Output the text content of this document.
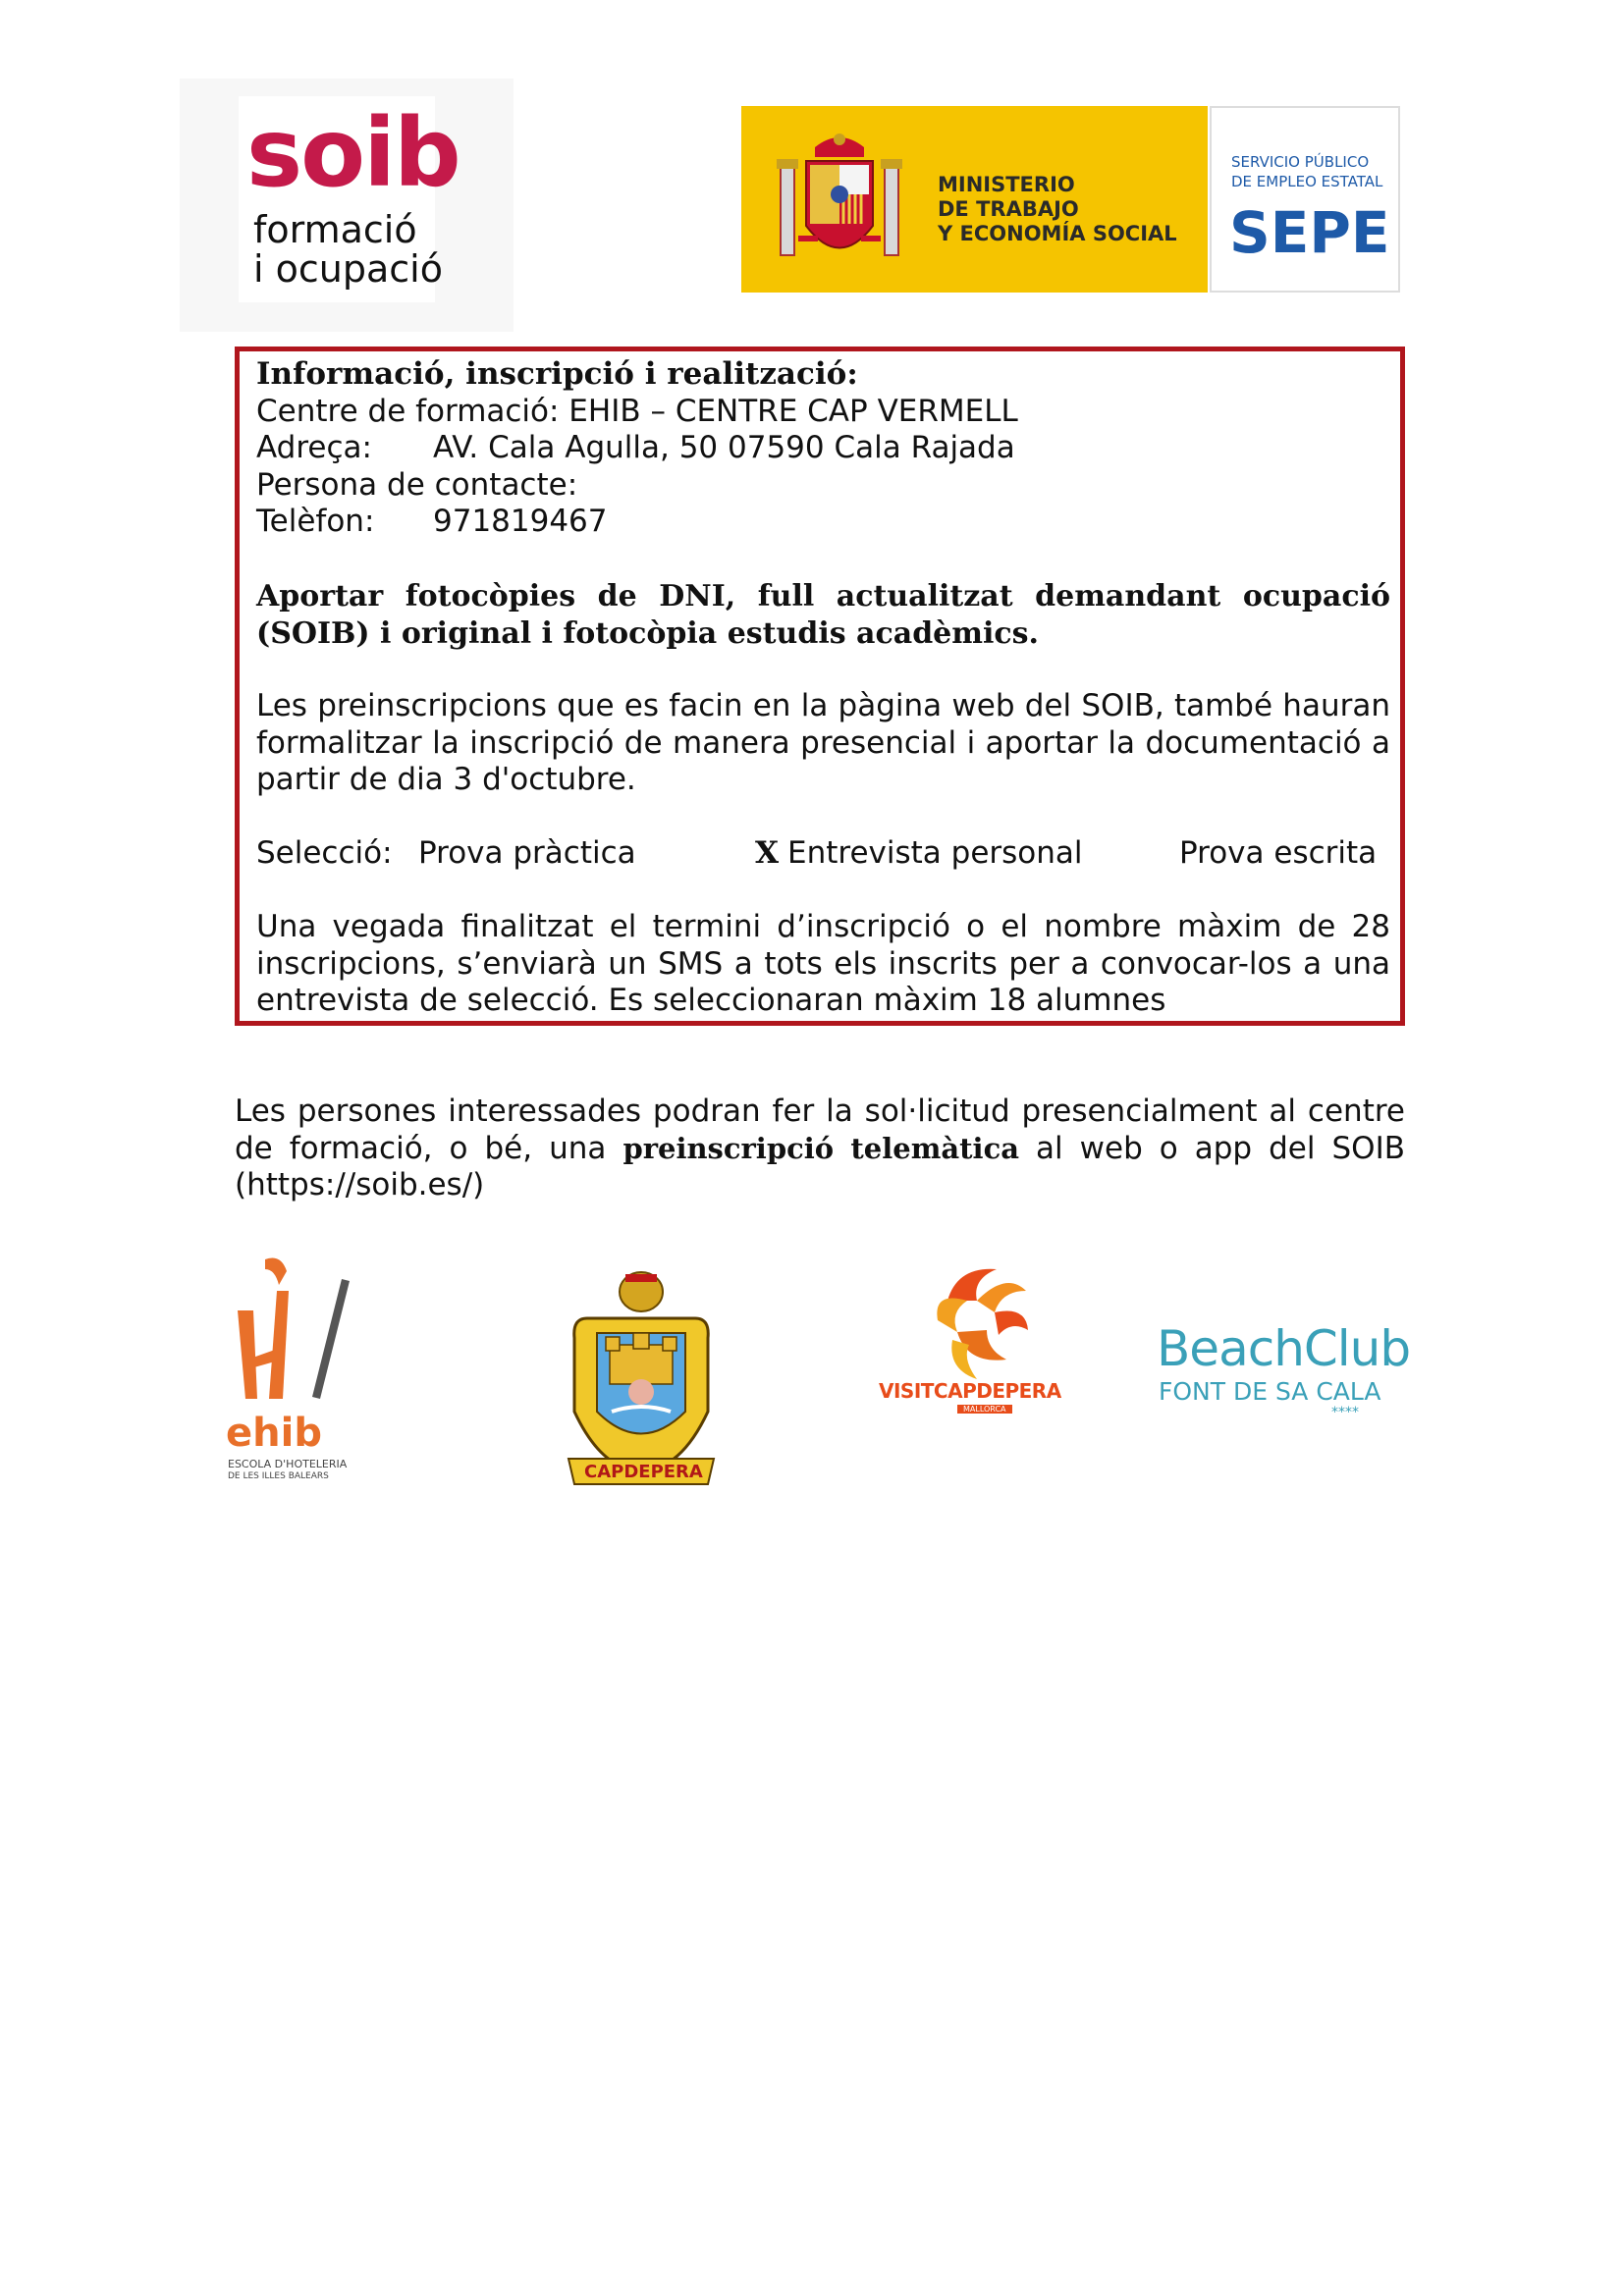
soib
formació
i ocupació
MINISTERIO
DE TRABAJO
Y ECONOMÍA SOCIAL
SERVICIO PÚBLICO
DE EMPLEO ESTATAL
SEPE
Informació, inscripció i realització:
Centre de formació: EHIB – CENTRE CAP VERMELL
Adreça: AV. Cala Agulla, 50 07590 Cala Rajada
Persona de contacte:
Telèfon: 971819467
Aportar fotocòpies de DNI, full actualitzat demandant ocupació (SOIB) i original i fotocòpia estudis acadèmics.
Les preinscripcions que es facin en la pàgina web del SOIB, també hauran formalitzar la inscripció de manera presencial i aportar la documentació a partir de dia 3 d'octubre.
Selecció: Prova pràctica	X Entrevista personal	Prova escrita
Una vegada finalitzat el termini d’inscripció o el nombre màxim de 28 inscripcions, s’enviarà un SMS a tots els inscrits per a convocar-los a una entrevista de selecció. Es seleccionaran màxim 18 alumnes
Les persones interessades podran fer la sol·licitud presencialment al centre de formació, o bé, una preinscripció telemàtica al web o app del SOIB (https://soib.es/)
ehib
ESCOLA D'HOTELERIA
DE LES ILLES BALEARS	CAPDEPERA
VISITCAPDEPERA
MALLORCA
BeachClub
FONT DE SA CALA
****
